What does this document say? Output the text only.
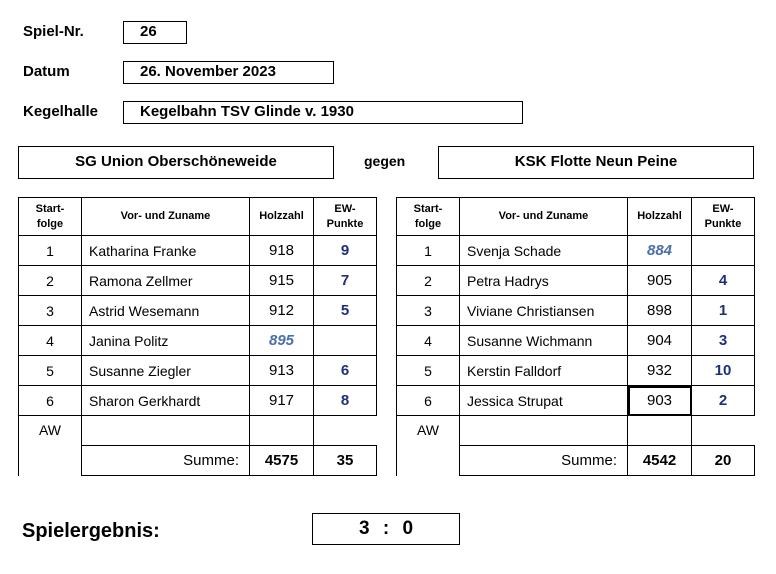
Spiel-Nr.	26
Datum	26. November 2023
Kegelhalle	Kegelbahn TSV Glinde v. 1930
SG Union Oberschöneweide	gegen	KSK Flotte Neun Peine
Start-
folge	Vor- und Zuname	Holzzahl	EW-
Punkte
1	Katharina Franke	918	9
2	Ramona Zellmer	915	7
3	Astrid Wesemann	912	5
4	Janina Politz	895	
5	Susanne Ziegler	913	6
6	Sharon Gerkhardt	917	8
AW			
	Summe:	4575	35
Start-
folge	Vor- und Zuname	Holzzahl	EW-
Punkte
1	Svenja Schade	884	
2	Petra Hadrys	905	4
3	Viviane Christiansen	898	1
4	Susanne Wichmann	904	3
5	Kerstin Falldorf	932	10
6	Jessica Strupat	903	2
AW			
	Summe:	4542	20
Spielergebnis:	3 : 0
